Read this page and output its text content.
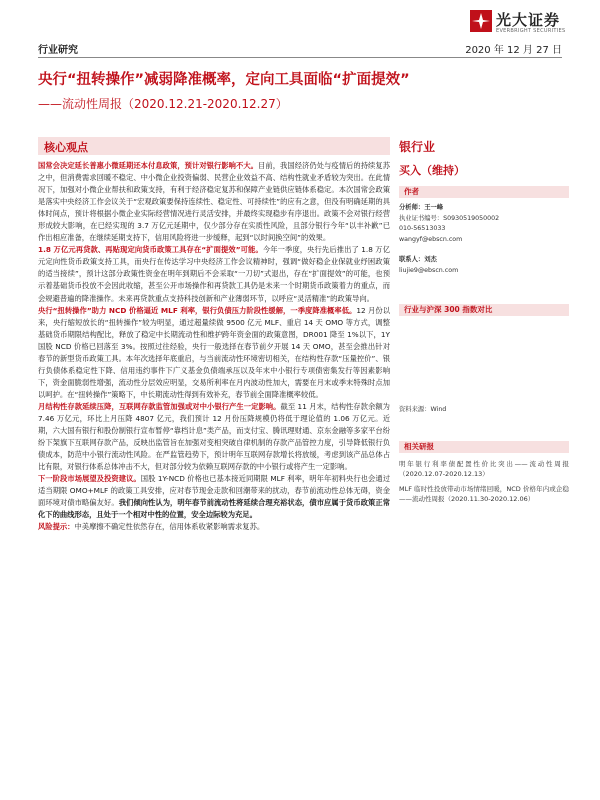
光大证券
EVERBRIGHT SECURITIES
行业研究	2020 年 12 月 27 日
央行“扭转操作”减弱降准概率，定向工具面临“扩面提效”
——流动性周报（2020.12.21-2020.12.27）
核心观点

国常会决定延长普惠小微延期还本付息政策，预计对银行影响不大。目前，我国经济仍处与疫情后的持续复苏之中，但消费需求回暖不稳定、中小微企业投资偏弱、民营企业效益不高、结构性就业矛盾较为突出。在此情况下，加强对小微企业帮扶和政策支持，有利于经济稳定复苏和保障产业链供应链体系稳定。本次国常会政策是落实中央经济工作会议关于“宏观政策要保持连续性、稳定性、可持续性”的应有之意，但没有明确延期的具体时间点，预计将根据小微企业实际经营情况进行灵活安排，并最终实现稳步有序退出。政策不会对银行经营形成较大影响，在已经实现的 3.7 万亿元延期中，仅少部分存在实质性风险，且部分银行今年“以丰补歉”已作出相应准备，在继续延期支持下，信用风险将进一步缓释，起到“以时间换空间”的效果。

1.8 万亿元再贷款、再贴现定向货币政策工具存在“扩面提效”可能。今年一季度，央行先后推出了 1.8 万亿元定向性货币政策支持工具，而央行在传达学习中央经济工作会议精神时，强调“做好稳企业保就业纾困政策的适当接续”，预计这部分政策性资金在明年到期后不会采取“一刀切”式退出，存在“扩面提效”的可能，也预示着基础货币投放不会因此收缩，甚至公开市场操作和再贷款工具仍是未来一个时期货币政策着力的重点，而会规避普遍的降准操作。未来再贷款重点支持科技创新和产业薄弱环节，以呼应“灵活精准”的政策导向。

央行“扭转操作”助力 NCD 价格逼近 MLF 利率，银行负债压力阶段性缓解，一季度降准概率低。12 月份以来，央行缩短放长的“扭转操作”较为明显，通过超量续做 9500 亿元 MLF、重启 14 天 OMO 等方式，调整基础货币期限结构配比，释放了稳定中长期流动性和维护跨年资金面的政策意图，DR001 降至 1%以下，1Y 国股 NCD 价格已回落至 3%。按照过往经验，央行一般选择在春节前夕开展 14 天 OMO，甚至会推出针对春节的新型货币政策工具。本年次选择年底重启，与当前流动性环境密切相关，在结构性存款“压量控价”、银行负债体系稳定性下降、信用违约事件下广义基金负债端承压以及年末中小银行专项债密集发行等因素影响下，资金面脆弱性增强，流动性分层效应明显，交易所利率在月内波动性加大，需要在月末或季末特殊时点加以呵护。在“扭转操作”策略下，中长期流动性得到有效补充，春节前全面降准概率较低。

月结构性存款延续压降，互联网存款监管加强或对中小银行产生一定影响。截至 11 月末，结构性存款余额为 7.46 万亿元，环比上月压降 4807 亿元，我们预计 12 月份压降规模仍将低于理论值的 1.06 万亿元。近期，六大国有银行和股份制银行宣布暂停“靠档计息”类产品，而支付宝、腾讯理财通、京东金融等多家平台纷纷下架旗下互联网存款产品，反映出监管旨在加强对变相突破自律机制的存款产品管控力度，引导降低银行负债成本，防范中小银行流动性风险。在严监管趋势下，预计明年互联网存款增长将放缓，考虑到该产品总体占比有限，对银行体系总体冲击不大，但对部分较为依赖互联网存款的中小银行或将产生一定影响。

下一阶段市场展望及投资建议。国股 1Y-NCD 价格也已基本接近同期限 MLF 利率，明年年初料央行也会通过适当期限 OMO+MLF 的政策工具安排，应对春节现金走款和回潮带来的扰动，春节前流动性总体无碍，资金面环境对债市略偏友好。我们倾向性认为，明年春节前流动性将延续合理充裕状态，债市应属于货币政策正常化下的曲线形态，且处于一个相对中性的位置，安全边际较为充足。

风险提示：中美摩擦不确定性依然存在，信用体系收紧影响需求复苏。

银行业
买入（维持）
作者
分析师：王一峰
执业证书编号：S0930519050002
010-56513033
wangyf@ebscn.com
联系人：刘杰
liujie9@ebscn.com
行业与沪深 300 指数对比
资料来源：Wind
相关研报

明年银行利率债配置性价比突出——流动性周报（2020.12.07-2020.12.13）

MLF 临时性投放带动市场情绪回暖，NCD 价格年内或企稳——流动性周报（2020.11.30-2020.12.06）
